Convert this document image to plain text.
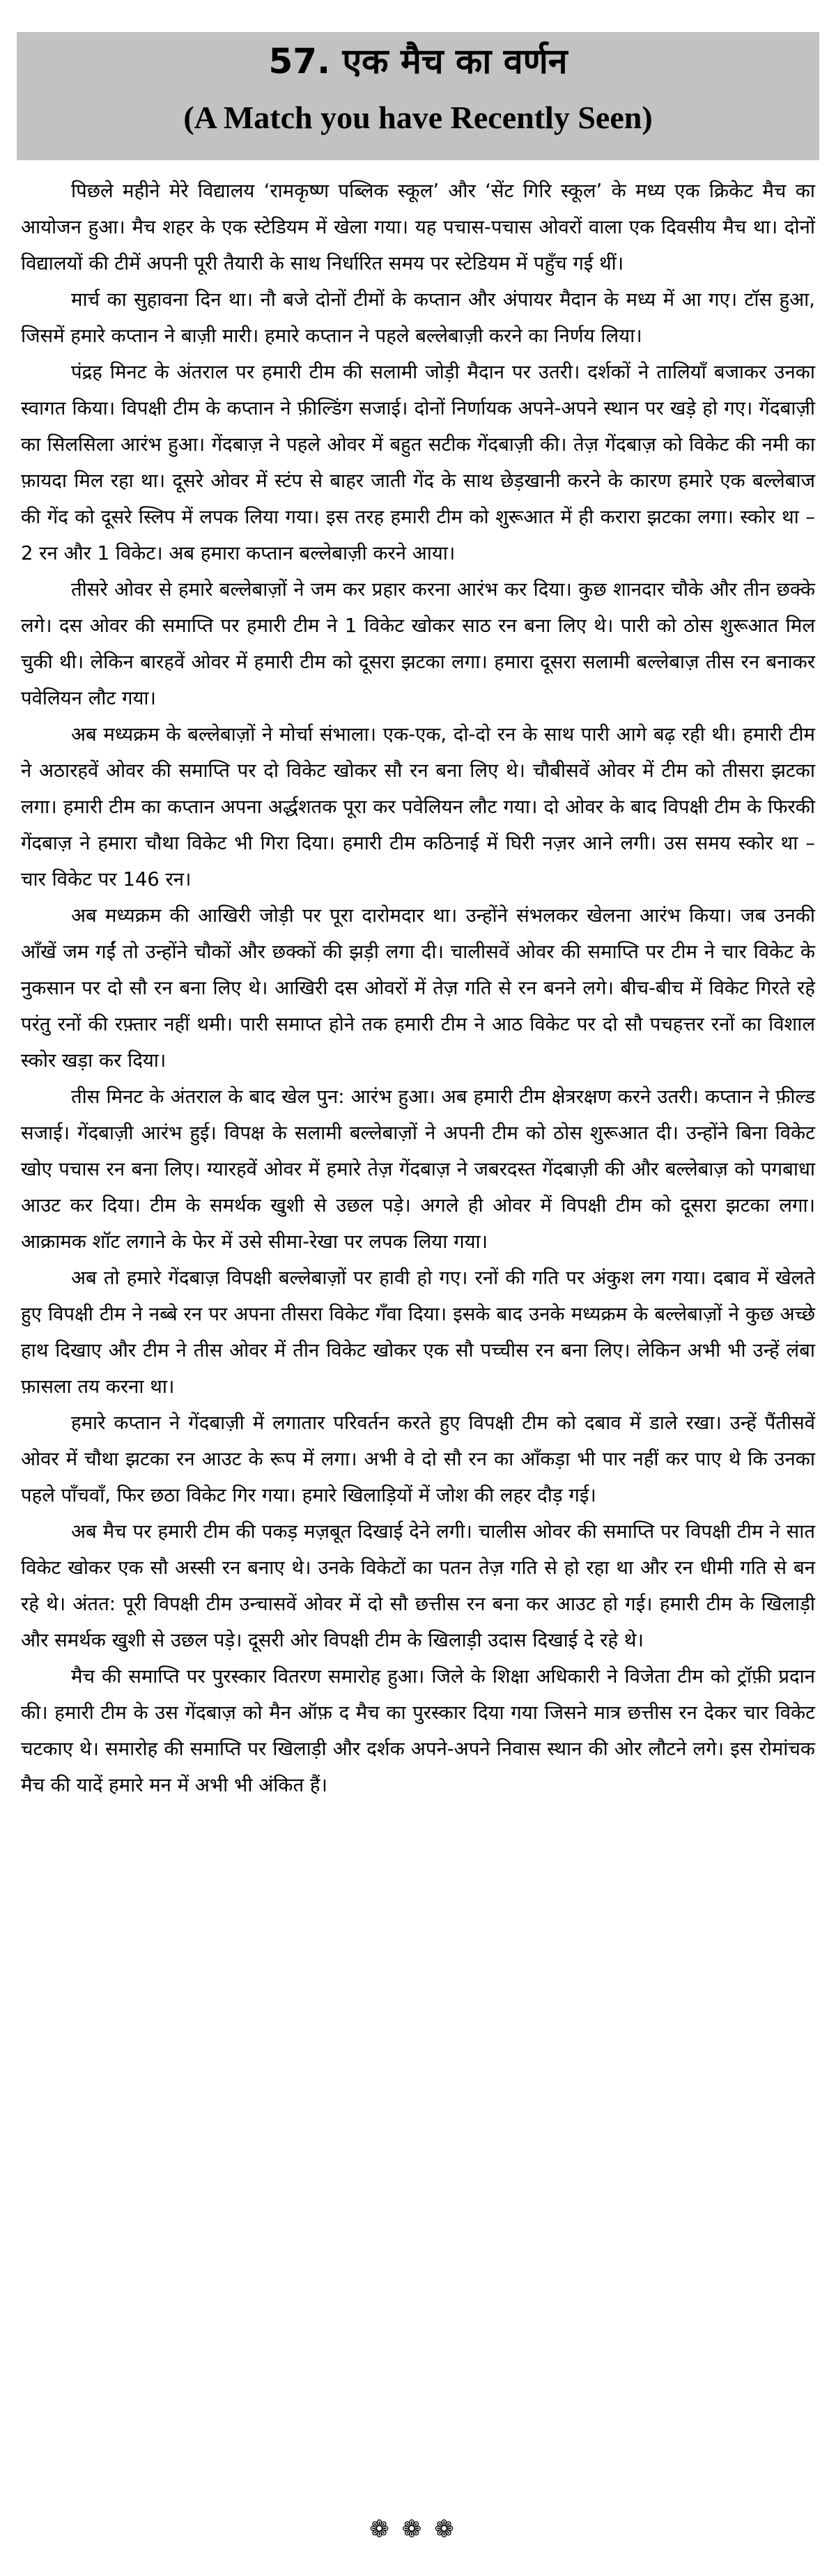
57. एक मैच का वर्णन
(A Match you have Recently Seen)

पिछले महीने मेरे विद्यालय ‘रामकृष्ण पब्लिक स्कूल’ और ‘सेंट गिरि स्कूल’ के मध्य एक क्रिकेट मैच का आयोजन हुआ। मैच शहर के एक स्टेडियम में खेला गया। यह पचास-पचास ओवरों वाला एक दिवसीय मैच था। दोनों विद्यालयों की टीमें अपनी पूरी तैयारी के साथ निर्धारित समय पर स्टेडियम में पहुँच गई थीं।

मार्च का सुहावना दिन था। नौ बजे दोनों टीमों के कप्तान और अंपायर मैदान के मध्य में आ गए। टॉस हुआ, जिसमें हमारे कप्तान ने बाज़ी मारी। हमारे कप्तान ने पहले बल्लेबाज़ी करने का निर्णय लिया।

पंद्रह मिनट के अंतराल पर हमारी टीम की सलामी जोड़ी मैदान पर उतरी। दर्शकों ने तालियाँ बजाकर उनका स्वागत किया। विपक्षी टीम के कप्तान ने फ़ील्डिंग सजाई। दोनों निर्णायक अपने-अपने स्थान पर खड़े हो गए। गेंदबाज़ी का सिलसिला आरंभ हुआ। गेंदबाज़ ने पहले ओवर में बहुत सटीक गेंदबाज़ी की। तेज़ गेंदबाज़ को विकेट की नमी का फ़ायदा मिल रहा था। दूसरे ओवर में स्टंप से बाहर जाती गेंद के साथ छेड़खानी करने के कारण हमारे एक बल्लेबाज की गेंद को दूसरे स्लिप में लपक लिया गया। इस तरह हमारी टीम को शुरूआत में ही करारा झटका लगा। स्कोर था – 2 रन और 1 विकेट। अब हमारा कप्तान बल्लेबाज़ी करने आया।

तीसरे ओवर से हमारे बल्लेबाज़ों ने जम कर प्रहार करना आरंभ कर दिया। कुछ शानदार चौके और तीन छक्के लगे। दस ओवर की समाप्ति पर हमारी टीम ने 1 विकेट खोकर साठ रन बना लिए थे। पारी को ठोस शुरूआत मिल चुकी थी। लेकिन बारहवें ओवर में हमारी टीम को दूसरा झटका लगा। हमारा दूसरा सलामी बल्लेबाज़ तीस रन बनाकर पवेलियन लौट गया।

अब मध्यक्रम के बल्लेबाज़ों ने मोर्चा संभाला। एक-एक, दो-दो रन के साथ पारी आगे बढ़ रही थी। हमारी टीम ने अठारहवें ओवर की समाप्ति पर दो विकेट खोकर सौ रन बना लिए थे। चौबीसवें ओवर में टीम को तीसरा झटका लगा। हमारी टीम का कप्तान अपना अर्द्धशतक पूरा कर पवेलियन लौट गया। दो ओवर के बाद विपक्षी टीम के फिरकी गेंदबाज़ ने हमारा चौथा विकेट भी गिरा दिया। हमारी टीम कठिनाई में घिरी नज़र आने लगी। उस समय स्कोर था – चार विकेट पर 146 रन।

अब मध्यक्रम की आखिरी जोड़ी पर पूरा दारोमदार था। उन्होंने संभलकर खेलना आरंभ किया। जब उनकी आँखें जम गईं तो उन्होंने चौकों और छक्कों की झड़ी लगा दी। चालीसवें ओवर की समाप्ति पर टीम ने चार विकेट के नुकसान पर दो सौ रन बना लिए थे। आखिरी दस ओवरों में तेज़ गति से रन बनने लगे। बीच-बीच में विकेट गिरते रहे परंतु रनों की रफ़्तार नहीं थमी। पारी समाप्त होने तक हमारी टीम ने आठ विकेट पर दो सौ पचहत्तर रनों का विशाल स्कोर खड़ा कर दिया।

तीस मिनट के अंतराल के बाद खेल पुन: आरंभ हुआ। अब हमारी टीम क्षेत्ररक्षण करने उतरी। कप्तान ने फ़ील्ड सजाई। गेंदबाज़ी आरंभ हुई। विपक्ष के सलामी बल्लेबाज़ों ने अपनी टीम को ठोस शुरूआत दी। उन्होंने बिना विकेट खोए पचास रन बना लिए। ग्यारहवें ओवर में हमारे तेज़ गेंदबाज़ ने जबरदस्त गेंदबाज़ी की और बल्लेबाज़ को पगबाधा आउट कर दिया। टीम के समर्थक खुशी से उछल पड़े। अगले ही ओवर में विपक्षी टीम को दूसरा झटका लगा। आक्रामक शॉट लगाने के फेर में उसे सीमा-रेखा पर लपक लिया गया।

अब तो हमारे गेंदबाज़ विपक्षी बल्लेबाज़ों पर हावी हो गए। रनों की गति पर अंकुश लग गया। दबाव में खेलते हुए विपक्षी टीम ने नब्बे रन पर अपना तीसरा विकेट गँवा दिया। इसके बाद उनके मध्यक्रम के बल्लेबाज़ों ने कुछ अच्छे हाथ दिखाए और टीम ने तीस ओवर में तीन विकेट खोकर एक सौ पच्चीस रन बना लिए। लेकिन अभी भी उन्हें लंबा फ़ासला तय करना था।

हमारे कप्तान ने गेंदबाज़ी में लगातार परिवर्तन करते हुए विपक्षी टीम को दबाव में डाले रखा। उन्हें पैंतीसवें ओवर में चौथा झटका रन आउट के रूप में लगा। अभी वे दो सौ रन का आँकड़ा भी पार नहीं कर पाए थे कि उनका पहले पाँचवाँ, फिर छठा विकेट गिर गया। हमारे खिलाड़ियों में जोश की लहर दौड़ गई।

अब मैच पर हमारी टीम की पकड़ मज़बूत दिखाई देने लगी। चालीस ओवर की समाप्ति पर विपक्षी टीम ने सात विकेट खोकर एक सौ अस्सी रन बनाए थे। उनके विकेटों का पतन तेज़ गति से हो रहा था और रन धीमी गति से बन रहे थे। अंतत: पूरी विपक्षी टीम उन्चासवें ओवर में दो सौ छत्तीस रन बना कर आउट हो गई। हमारी टीम के खिलाड़ी और समर्थक खुशी से उछल पड़े। दूसरी ओर विपक्षी टीम के खिलाड़ी उदास दिखाई दे रहे थे।

मैच की समाप्ति पर पुरस्कार वितरण समारोह हुआ। जिले के शिक्षा अधिकारी ने विजेता टीम को ट्रॉफ़ी प्रदान की। हमारी टीम के उस गेंदबाज़ को मैन ऑफ़ द मैच का पुरस्कार दिया गया जिसने मात्र छत्तीस रन देकर चार विकेट चटकाए थे। समारोह की समाप्ति पर खिलाड़ी और दर्शक अपने-अपने निवास स्थान की ओर लौटने लगे। इस रोमांचक मैच की यादें हमारे मन में अभी भी अंकित हैं।

❁❁❁
